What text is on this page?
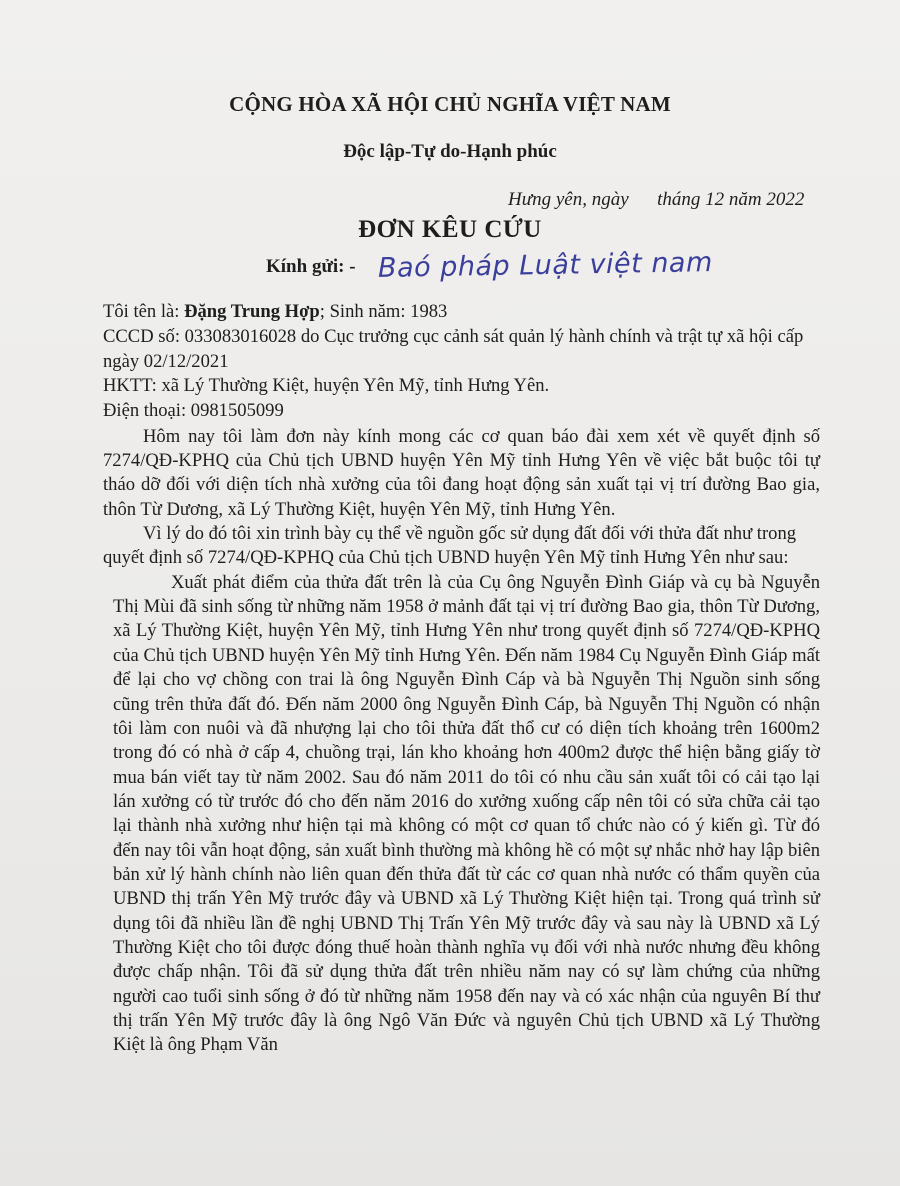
CỘNG HÒA XÃ HỘI CHỦ NGHĨA VIỆT NAM
Độc lập-Tự do-Hạnh phúc
Hưng yên, ngày      tháng 12 năm 2022
ĐƠN KÊU CỨU
Kính gửi: - Baó pháp Luật việt nam
Tôi tên là: Đặng Trung Hợp; Sinh năm: 1983
CCCD số: 033083016028 do Cục trưởng cục cảnh sát quản lý hành chính và trật tự xã hội cấp ngày 02/12/2021
HKTT: xã Lý Thường Kiệt, huyện Yên Mỹ, tỉnh Hưng Yên.
Điện thoại: 0981505099

Hôm nay tôi làm đơn này kính mong các cơ quan báo đài xem xét về quyết định số 7274/QĐ-KPHQ của Chủ tịch UBND huyện Yên Mỹ tỉnh Hưng Yên về việc bắt buộc tôi tự tháo dỡ đối với diện tích nhà xưởng của tôi đang hoạt động sản xuất tại vị trí đường Bao gia, thôn Từ Dương, xã Lý Thường Kiệt, huyện Yên Mỹ, tỉnh Hưng Yên.

Vì lý do đó tôi xin trình bày cụ thể về nguồn gốc sử dụng đất đối với thửa đất như trong quyết định số 7274/QĐ-KPHQ của Chủ tịch UBND huyện Yên Mỹ tỉnh Hưng Yên như sau:

Xuất phát điểm của thửa đất trên là của Cụ ông Nguyễn Đình Giáp và cụ bà Nguyễn Thị Mùi đã sinh sống từ những năm 1958 ở mảnh đất tại vị trí đường Bao gia, thôn Từ Dương, xã Lý Thường Kiệt, huyện Yên Mỹ, tỉnh Hưng Yên như trong quyết định số 7274/QĐ-KPHQ của Chủ tịch UBND huyện Yên Mỹ tỉnh Hưng Yên. Đến năm 1984 Cụ Nguyễn Đình Giáp mất để lại cho vợ chồng con trai là ông Nguyễn Đình Cáp và bà Nguyễn Thị Nguồn sinh sống cũng trên thửa đất đó. Đến năm 2000 ông Nguyễn Đình Cáp, bà Nguyễn Thị Nguồn có nhận tôi làm con nuôi và đã nhượng lại cho tôi thửa đất thổ cư có diện tích khoảng trên 1600m2 trong đó có nhà ở cấp 4, chuồng trại, lán kho khoảng hơn 400m2 được thể hiện bằng giấy tờ mua bán viết tay từ năm 2002. Sau đó năm 2011 do tôi có nhu cầu sản xuất tôi có cải tạo lại lán xưởng có từ trước đó cho đến năm 2016 do xưởng xuống cấp nên tôi có sửa chữa cải tạo lại thành nhà xưởng như hiện tại mà không có một cơ quan tổ chức nào có ý kiến gì. Từ đó đến nay tôi vẫn hoạt động, sản xuất bình thường mà không hề có một sự nhắc nhở hay lập biên bản xử lý hành chính nào liên quan đến thửa đất từ các cơ quan nhà nước có thẩm quyền của UBND thị trấn Yên Mỹ trước đây và UBND xã Lý Thường Kiệt hiện tại. Trong quá trình sử dụng tôi đã nhiều lần đề nghị UBND Thị Trấn Yên Mỹ trước đây và sau này là UBND xã Lý Thường Kiệt cho tôi được đóng thuế hoàn thành nghĩa vụ đối với nhà nước nhưng đều không được chấp nhận. Tôi đã sử dụng thửa đất trên nhiều năm nay có sự làm chứng của những người cao tuổi sinh sống ở đó từ những năm 1958 đến nay và có xác nhận của nguyên Bí thư thị trấn Yên Mỹ trước đây là ông Ngô Văn Đức và nguyên Chủ tịch UBND xã Lý Thường Kiệt là ông Phạm Văn
